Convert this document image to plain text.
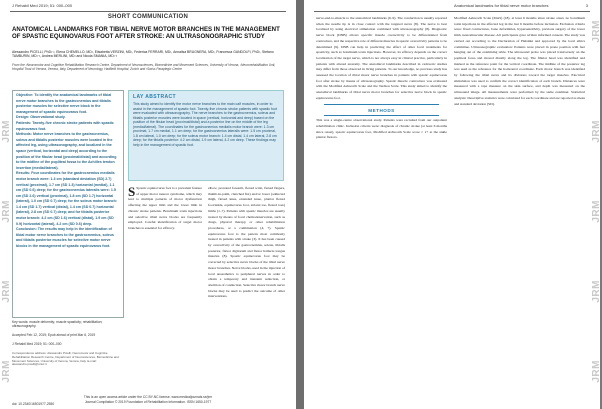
J Rehabil Med 2019; 51: 000–000
SHORT COMMUNICATION
ANATOMICAL LANDMARKS FOR TIBIAL NERVE MOTOR BRANCHES IN THE MANAGEMENT OF SPASTIC EQUINOVARUS FOOT AFTER STROKE: AN ULTRASONOGRAPHIC STUDY
Alessandro PICELLI, PhD¹·², Elena CHEMELLO, MD¹, Elisabetta VERZINI, MD¹, Federica FERRARI, MD¹, Annalisa BRUGNERA, MD¹, Francesca GANDOLFI, PhD¹, Stefano TAMBURIN, MD¹·², Andrea MERLINI, MD¹ and Nicola SMANIA, MD¹·²
From the ¹Neuromotor and Cognitive Rehabilitation Research Centre, Department of Neurosciences, Biomedicine and Movement Sciences, University of Verona, ²Neurorehabilitation Unit, Hospital Trust of Verona, Verona, Italy, Department of Neurology, Hadfield Hospital, Zurich and ³Swiss Paraplegic Centre
Objective: To identify the anatomical landmarks of tibial nerve motor branches to the gastrocnemius and tibialis posterior muscles for selective nerve block in the management of spastic equinovarus foot.
Design: Observational study.
Patients: Twenty-five chronic stroke patients with spastic equinovarus foot.
Methods: Motor nerve branches to the gastrocnemius, soleus and tibialis posterior muscles were located in the affected leg, using ultrasonography, and localized in the space (vertical, horizontal and deep) according to the position of the fibular head (proximal/distal) and according to the midline of the popliteal fossa to the Achilles tendon insertion (medial/lateral).
Results: Four coordinates for the gastrocnemius medialis motor branch were: 1.3 cm (standard deviation (SD) 2.7) vertical (proximal), 1.7 cm (SD 1.3) horizontal (medial), 1.1 cm (SD 0.6) deep; for the gastrocnemius lateralis were: 1.5 cm (SD 2.6) vertical (proximal), 1.8 cm (SD 1.7) horizontal (lateral), 1.0 cm (SD 0.7) deep; for the soleus motor branch: 1.4 cm (SD 1.7) vertical (distal), 1.4 cm (SD 0.7) horizontal (lateral), 2.8 cm (SD 0.7) deep; and for tibialis posterior motor branch: 4.2 cm (SD 1.6) vertical (distal), 1.9 cm (SD 0.9) horizontal (lateral), 4.2 cm (SD 0.6) deep.
Conclusion: The results may help in the identification of tibial motor nerve branches to the gastrocnemius, soleus and tibialis posterior muscles for selective motor nerve blocks in the management of spastic equinovarus foot.
Key words: muscle deformity; muscle spasticity; rehabilitation; ultrasonography.
Accepted Feb 12, 2019; Epub ahead of print Mar 6, 2019
J Rehabil Med 2019; 51: 000–000
Correspondence address: Alessandro Picelli, Neuromotor and Cognitive Rehabilitation Research Centre, Department of Neurosciences, Biomedicine and Movement Sciences, University of Verona, Verona, Italy. E-mail: alessandro.picelli@univr.it
LAY ABSTRACT
This study aimed to identify the motor nerve branches to the main calf muscles, in order to assist in the management of spastic foot. Twenty-five chronic stroke patients with spastic foot were evaluated with ultrasonography. The nerve branches to the gastrocnemius, soleus and tibialis posterior muscles were located in space (vertical, horizontal and deep) based on the position of the fibular head (proximal/distal) and a posterior line on the middle of the leg (medial/lateral). The coordinates for the gastrocnemius medialis motor branch were: 1.3 cm proximal, 1.7 cm medial, 1.1 cm deep; for the gastrocnemius lateralis were: 1.5 cm proximal, 1.8 cm lateral, 1.0 cm deep; for the soleus motor branch: 1.4 cm distal, 1.4 cm lateral, 2.8 cm deep; for the tibialis posterior: 4.2 cm distal, 1.9 cm lateral, 4.2 cm deep. These findings may help in the management of spastic foot.
S Spastic equinovarus foot is a prevalent feature of upper motor neuron syndrome, which may lead to multiple patterns of motor dysfunction affecting the upper limb and the lower limb in chronic stroke patients. Botulinum toxin injections and selective tibial nerve blocks are frequently employed. Careful identification of target motor branches is essential for efficacy.
elbow, pronated forearm, flexed wrist, flexed fingers, thumb-in-palm, clenched fist) and/or lower (adducted thigh, flexed knee, extended knee, plantar flexed foot/ankle, equinovarus foot, striatal toe, flexed toes) limbs (1–7). Patients with spastic muscles are usually treated by means of focal chemodenervation, such as drugs, physical therapy, or other rehabilitation procedures, or a combination (4, 7). Spastic equinovarus foot is the pattern most commonly treated in patients with stroke (3). It has been caused by overactivity of the gastrocnemius, soleus, tibialis posterior, flexor digitorum and flexor hallucis longus muscles (8). Spastic equinovarus foot may be corrected by selective nerve blocks of the tibial nerve motor branches. Nerve blocks, used in the injection of local anaesthetics to peripheral nerves in order to obtain a temporary and transient reduction, or abolition of conduction. Selective motor branch nerve blocks may be used to predict the outcome of other interventions.
doi: 10.2340/16501977-2550
This is an open access article under the CC BY-NC license. www.medicaljournals.se/jrm
Journal Compilation © 2019 Foundation of Rehabilitation Information. ISSN 1650-1977
JRM
JRM
JRM
JRM
Anatomical landmarks for tibial nerve motor branches	3
nerve-end-to-muscle to the anatomical landmarks (6–9). The conduction is usually reported when the needle tip is in close contact with the targeted nerve (8). The nerve is best localized by using electrical stimulation combined with ultrasonography (8). Diagnostic nerve block (DNB) allows specific muscle overactivity to be differentiated from contracture, and the respective role of different muscles in spastic overactivity patterns to be determined (9). DNB can help in predicting the effect of other focal treatments for spasticity, such as botulinum toxin injections. However, its efficacy depends on the correct localization of the target nerve, which is not always easy in clinical practice, particularly in patients with altered anatomy. The anatomical landmarks described in cadaveric studies may differ from those observed in living patients. To our knowledge, no previous study has assessed the location of tibial motor nerve branches in patients with spastic equinovarus foot after stroke by means of ultrasonography. Spastic muscle contracture was evaluated with the Modified Ashworth Scale and the Tardieu Scale. This study aimed to identify the anatomical landmarks of tibial nerve motor branches for selective nerve block in spastic equinovarus foot.
METHODS
This was a single-centre observational study. Patients were recruited from our outpatient rehabilitation clinic. Inclusion criteria were: diagnosis of chronic stroke (at least 6 months since onset), spastic equinovarus foot, Modified Ashworth Scale score ≥ 1+ at the ankle plantar flexors.
Modified Ashworth Scale (MAS) (18), at least 6 months since stroke onset, no botulinum toxin injections in the affected leg in the last 6 months before inclusion. Exclusion criteria were: fixed contractures, bone deformities, hypersensitivity, previous surgery of the lower limb, neuromuscular disease. All participants gave written informed consent. The study was carried out according to the Declaration of Helsinki and approved by the local ethics committee. Ultrasonographic evaluation: Patients were placed in prone position with feet hanging out of the examining table. The ultrasound probe was placed transversely on the popliteal fossa and moved distally along the leg. The fibular head was identified and marked as the reference point for the vertical coordinate. The midline of the posterior leg was used as the reference for the horizontal coordinate. Each motor branch was identified by following the tibial nerve and its divisions toward the target muscles. Electrical stimulation was used to confirm the correct identification of each branch. Distances were measured with a tape measure on the skin surface, and depth was measured on the ultrasound image. All measurements were performed by the same examiner. Statistical analysis: Descriptive statistics were calculated for each coordinate and are reported as mean and standard deviation (SD).
JRM
JRM
JRM
JRM
JRM
